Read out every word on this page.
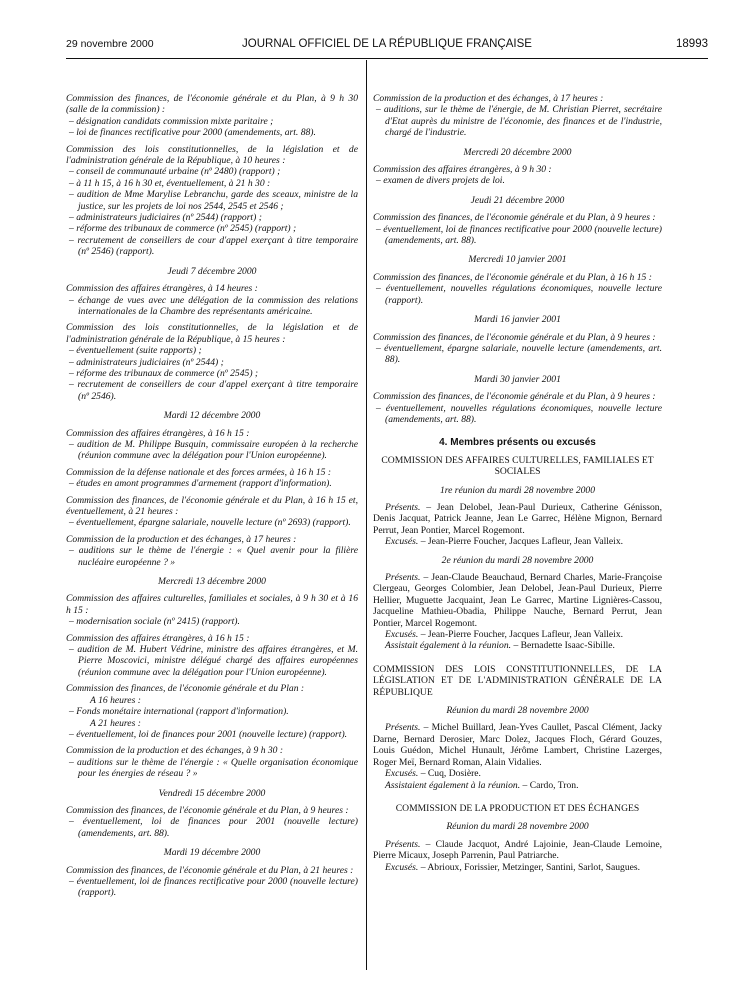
29 novembre 2000	JOURNAL OFFICIEL DE LA RÉPUBLIQUE FRANÇAISE	18993

Commission des finances, de l'économie générale et du Plan, à 9 h 30 (salle de la commission) :

– désignation candidats commission mixte paritaire ;

– loi de finances rectificative pour 2000 (amendements, art. 88).

Commission des lois constitutionnelles, de la législation et de l'administration générale de la République, à 10 heures :

– conseil de communauté urbaine (nº 2480) (rapport) ;

– à 11 h 15, à 16 h 30 et, éventuellement, à 21 h 30 :

– audition de Mme Marylise Lebranchu, garde des sceaux, ministre de la justice, sur les projets de loi nos 2544, 2545 et 2546 ;

– administrateurs judiciaires (nº 2544) (rapport) ;

– réforme des tribunaux de commerce (nº 2545) (rapport) ;

– recrutement de conseillers de cour d'appel exerçant à titre temporaire (nº 2546) (rapport).

Jeudi 7 décembre 2000

Commission des affaires étrangères, à 14 heures :

– échange de vues avec une délégation de la commission des relations internationales de la Chambre des représentants américaine.

Commission des lois constitutionnelles, de la législation et de l'administration générale de la République, à 15 heures :

– éventuellement (suite rapports) ;

– administrateurs judiciaires (nº 2544) ;

– réforme des tribunaux de commerce (nº 2545) ;

– recrutement de conseillers de cour d'appel exerçant à titre temporaire (nº 2546).

Mardi 12 décembre 2000

Commission des affaires étrangères, à 16 h 15 :

– audition de M. Philippe Busquin, commissaire européen à la recherche (réunion commune avec la délégation pour l'Union européenne).

Commission de la défense nationale et des forces armées, à 16 h 15 :

– études en amont programmes d'armement (rapport d'information).

Commission des finances, de l'économie générale et du Plan, à 16 h 15 et, éventuellement, à 21 heures :

– éventuellement, épargne salariale, nouvelle lecture (nº 2693) (rapport).

Commission de la production et des échanges, à 17 heures :

– auditions sur le thème de l'énergie : « Quel avenir pour la filière nucléaire européenne ? »

Mercredi 13 décembre 2000

Commission des affaires culturelles, familiales et sociales, à 9 h 30 et à 16 h 15 :

– modernisation sociale (nº 2415) (rapport).

Commission des affaires étrangères, à 16 h 15 :

– audition de M. Hubert Védrine, ministre des affaires étrangères, et M. Pierre Moscovici, ministre délégué chargé des affaires européennes (réunion commune avec la délégation pour l'Union européenne).

Commission des finances, de l'économie générale et du Plan :

A 16 heures :

– Fonds monétaire international (rapport d'information).

A 21 heures :

– éventuellement, loi de finances pour 2001 (nouvelle lecture) (rapport).

Commission de la production et des échanges, à 9 h 30 :

– auditions sur le thème de l'énergie : « Quelle organisation économique pour les énergies de réseau ? »

Vendredi 15 décembre 2000

Commission des finances, de l'économie générale et du Plan, à 9 heures :

– éventuellement, loi de finances pour 2001 (nouvelle lecture) (amendements, art. 88).

Mardi 19 décembre 2000

Commission des finances, de l'économie générale et du Plan, à 21 heures :

– éventuellement, loi de finances rectificative pour 2000 (nouvelle lecture) (rapport).

Commission de la production et des échanges, à 17 heures :

– auditions, sur le thème de l'énergie, de M. Christian Pierret, secrétaire d'Etat auprès du ministre de l'économie, des finances et de l'industrie, chargé de l'industrie.

Mercredi 20 décembre 2000

Commission des affaires étrangères, à 9 h 30 :

– examen de divers projets de loi.

Jeudi 21 décembre 2000

Commission des finances, de l'économie générale et du Plan, à 9 heures :

– éventuellement, loi de finances rectificative pour 2000 (nouvelle lecture) (amendements, art. 88).

Mercredi 10 janvier 2001

Commission des finances, de l'économie générale et du Plan, à 16 h 15 :

– éventuellement, nouvelles régulations économiques, nouvelle lecture (rapport).

Mardi 16 janvier 2001

Commission des finances, de l'économie générale et du Plan, à 9 heures :

– éventuellement, épargne salariale, nouvelle lecture (amendements, art. 88).

Mardi 30 janvier 2001

Commission des finances, de l'économie générale et du Plan, à 9 heures :

– éventuellement, nouvelles régulations économiques, nouvelle lecture (amendements, art. 88).

4. Membres présents ou excusés

COMMISSION DES AFFAIRES CULTURELLES, FAMILIALES ET SOCIALES

1re réunion du mardi 28 novembre 2000

Présents. – Jean Delobel, Jean-Paul Durieux, Catherine Génisson, Denis Jacquat, Patrick Jeanne, Jean Le Garrec, Hélène Mignon, Bernard Perrut, Jean Pontier, Marcel Rogemont.

Excusés. – Jean-Pierre Foucher, Jacques Lafleur, Jean Valleix.

2e réunion du mardi 28 novembre 2000

Présents. – Jean-Claude Beauchaud, Bernard Charles, Marie-Françoise Clergeau, Georges Colombier, Jean Delobel, Jean-Paul Durieux, Pierre Hellier, Muguette Jacquaint, Jean Le Garrec, Martine Lignières-Cassou, Jacqueline Mathieu-Obadia, Philippe Nauche, Bernard Perrut, Jean Pontier, Marcel Rogemont.

Excusés. – Jean-Pierre Foucher, Jacques Lafleur, Jean Valleix.

Assistait également à la réunion. – Bernadette Isaac-Sibille.

COMMISSION DES LOIS CONSTITUTIONNELLES, DE LA LÉGISLATION ET DE L'ADMINISTRATION GÉNÉRALE DE LA RÉPUBLIQUE

Réunion du mardi 28 novembre 2000

Présents. – Michel Buillard, Jean-Yves Caullet, Pascal Clément, Jacky Darne, Bernard Derosier, Marc Dolez, Jacques Floch, Gérard Gouzes, Louis Guédon, Michel Hunault, Jérôme Lambert, Christine Lazerges, Roger Meï, Bernard Roman, Alain Vidalies.

Excusés. – Cuq, Dosière.

Assistaient également à la réunion. – Cardo, Tron.

COMMISSION DE LA PRODUCTION ET DES ÉCHANGES

Réunion du mardi 28 novembre 2000

Présents. – Claude Jacquot, André Lajoinie, Jean-Claude Lemoine, Pierre Micaux, Joseph Parrenin, Paul Patriarche.

Excusés. – Abrioux, Forissier, Metzinger, Santini, Sarlot, Saugues.
